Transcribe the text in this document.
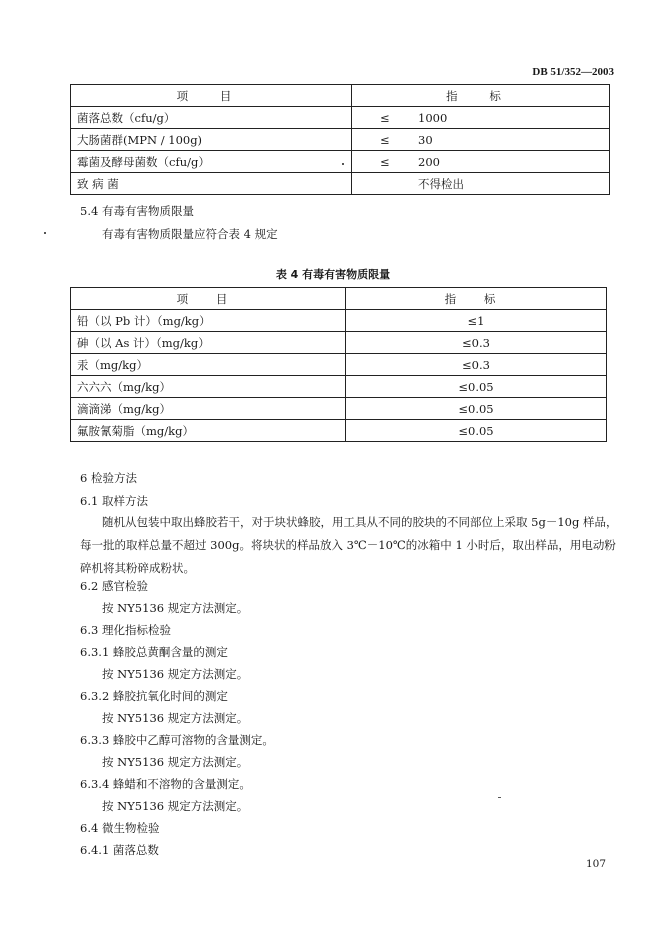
DB 51/352—2003
项 目	指 标
菌落总数（cfu/g）	≤ 1000
大肠菌群(MPN / 100g)	≤ 30
霉菌及酵母菌数（cfu/g）	≤ 200
致 病 菌	不得检出
5.4 有毒有害物质限量
有毒有害物质限量应符合表 4 规定
表 4 有毒有害物质限量
项 目	指 标
铅（以 Pb 计）（mg/kg）	≤1
砷（以 As 计）（mg/kg）	≤0.3
汞（mg/kg）	≤0.3
六六六（mg/kg）	≤0.05
滴滴涕（mg/kg）	≤0.05
氟胺氰菊脂（mg/kg）	≤0.05
6 检验方法
6.1 取样方法
随机从包装中取出蜂胶若干，对于块状蜂胶，用工具从不同的胶块的不同部位上采取 5g－10g 样品，每一批的取样总量不超过 300g。将块状的样品放入 3℃－10℃的冰箱中 1 小时后，取出样品，用电动粉碎机将其粉碎成粉状。
6.2 感官检验
按 NY5136 规定方法测定。
6.3 理化指标检验
6.3.1 蜂胶总黄酮含量的测定
按 NY5136 规定方法测定。
6.3.2 蜂胶抗氧化时间的测定
按 NY5136 规定方法测定。
6.3.3 蜂胶中乙醇可溶物的含量测定。
按 NY5136 规定方法测定。
6.3.4 蜂蜡和不溶物的含量测定。
按 NY5136 规定方法测定。
6.4 微生物检验
6.4.1 菌落总数
107
